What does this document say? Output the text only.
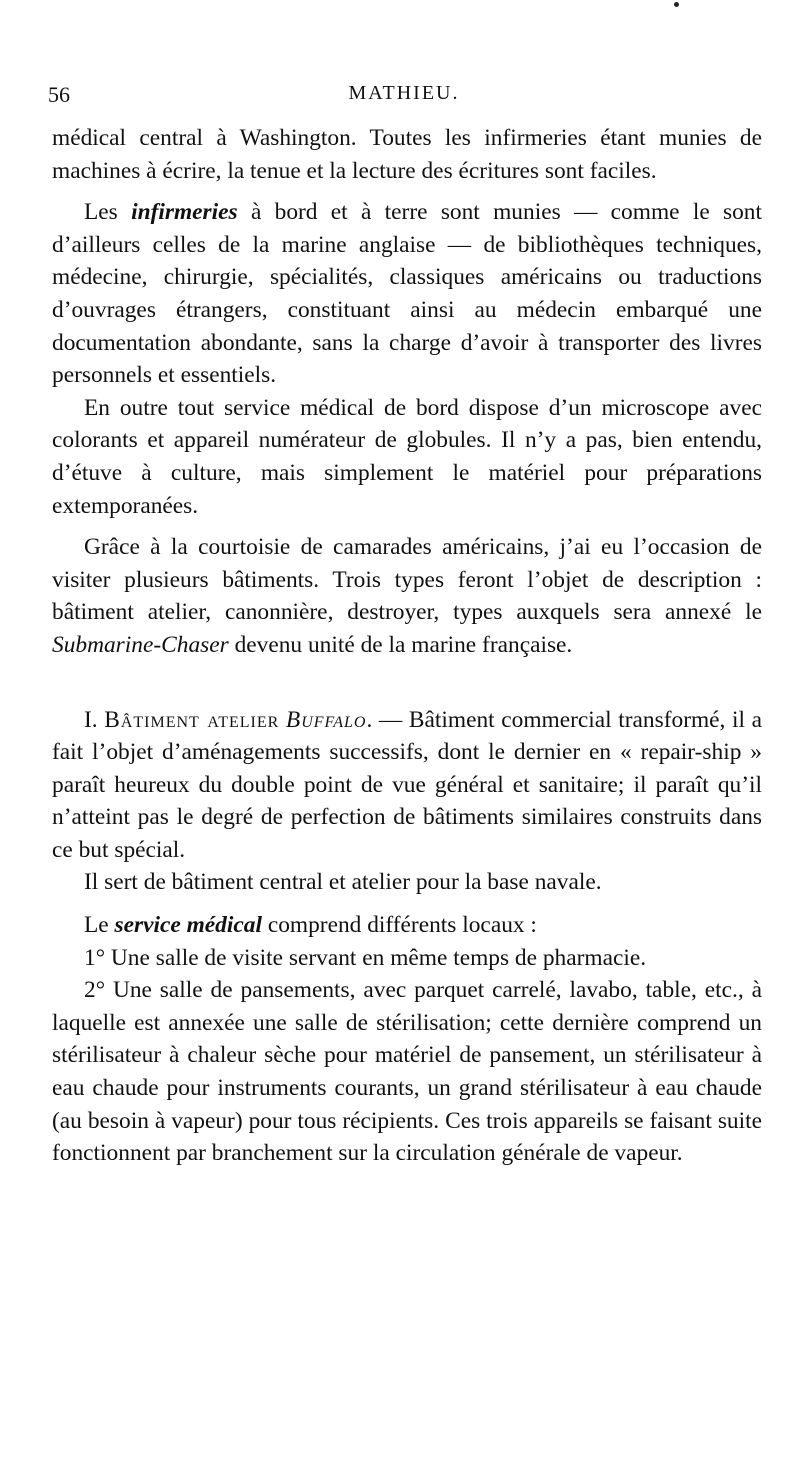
56	MATHIEU.

médical central à Washington. Toutes les infirmeries étant munies de machines à écrire, la tenue et la lecture des écritures sont faciles.

Les infirmeries à bord et à terre sont munies — comme le sont d’ailleurs celles de la marine anglaise — de bibliothèques techniques, médecine, chirurgie, spécialités, classiques américains ou traductions d’ouvrages étrangers, constituant ainsi au médecin embarqué une documentation abondante, sans la charge d’avoir à transporter des livres personnels et essentiels.

En outre tout service médical de bord dispose d’un microscope avec colorants et appareil numérateur de globules. Il n’y a pas, bien entendu, d’étuve à culture, mais simplement le matériel pour préparations extemporanées.

Grâce à la courtoisie de camarades américains, j’ai eu l’occasion de visiter plusieurs bâtiments. Trois types feront l’objet de description : bâtiment atelier, canonnière, destroyer, types auxquels sera annexé le Submarine-Chaser devenu unité de la marine française.

I. Bâtiment atelier Buffalo. — Bâtiment commercial transformé, il a fait l’objet d’aménagements successifs, dont le dernier en « repair-ship » paraît heureux du double point de vue général et sanitaire; il paraît qu’il n’atteint pas le degré de perfection de bâtiments similaires construits dans ce but spécial.

Il sert de bâtiment central et atelier pour la base navale.

Le service médical comprend différents locaux :

1° Une salle de visite servant en même temps de pharmacie.

2° Une salle de pansements, avec parquet carrelé, lavabo, table, etc., à laquelle est annexée une salle de stérilisation; cette dernière comprend un stérilisateur à chaleur sèche pour matériel de pansement, un stérilisateur à eau chaude pour instruments courants, un grand stérilisateur à eau chaude (au besoin à vapeur) pour tous récipients. Ces trois appareils se faisant suite fonctionnent par branchement sur la circulation générale de vapeur.
